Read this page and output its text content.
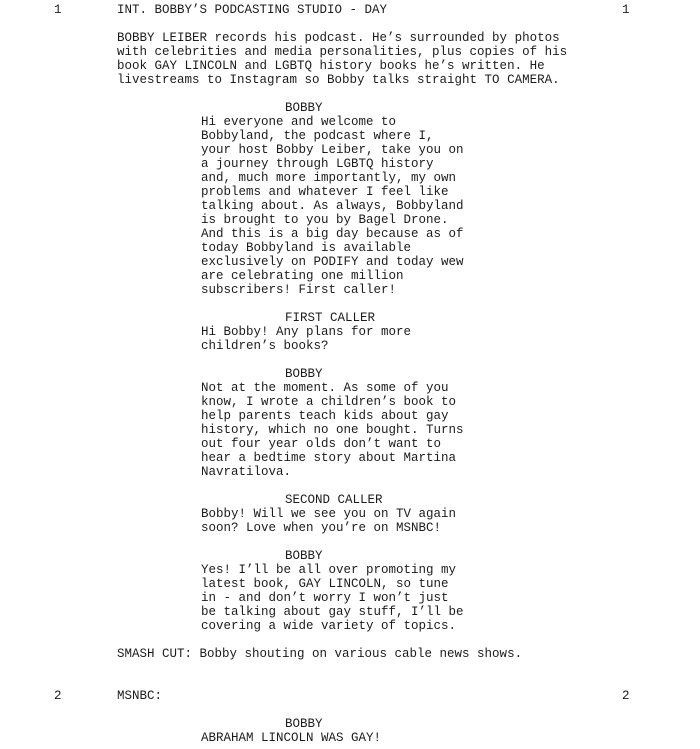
1	INT. BOBBY’S PODCASTING STUDIO - DAY	1
BOBBY LEIBER records his podcast. He’s surrounded by photos
with celebrities and media personalities, plus copies of his
book GAY LINCOLN and LGBTQ history books he’s written. He
livestreams to Instagram so Bobby talks straight TO CAMERA.
BOBBY
Hi everyone and welcome to
Bobbyland, the podcast where I,
your host Bobby Leiber, take you on
a journey through LGBTQ history
and, much more importantly, my own
problems and whatever I feel like
talking about. As always, Bobbyland
is brought to you by Bagel Drone.
And this is a big day because as of
today Bobbyland is available
exclusively on PODIFY and today wew
are celebrating one million
subscribers! First caller!
FIRST CALLER
Hi Bobby! Any plans for more
children’s books?
BOBBY
Not at the moment. As some of you
know, I wrote a children’s book to
help parents teach kids about gay
history, which no one bought. Turns
out four year olds don’t want to
hear a bedtime story about Martina
Navratilova.
SECOND CALLER
Bobby! Will we see you on TV again
soon? Love when you’re on MSNBC!
BOBBY
Yes! I’ll be all over promoting my
latest book, GAY LINCOLN, so tune
in - and don’t worry I won’t just
be talking about gay stuff, I’ll be
covering a wide variety of topics.
SMASH CUT: Bobby shouting on various cable news shows.
2	MSNBC:	2
BOBBY
ABRAHAM LINCOLN WAS GAY!
